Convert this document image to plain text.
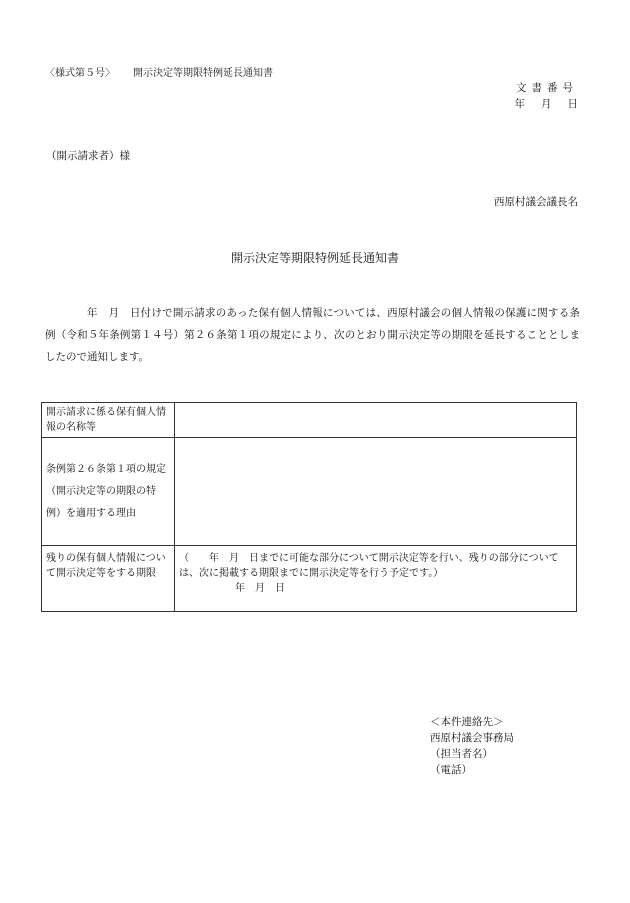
〈様式第５号〉 開示決定等期限特例延長通知書
文書番号
年 月 日
（開示請求者）様
西原村議会議長名
開示決定等期限特例延長通知書
年　月　日付けで開示請求のあった保有個人情報については、西原村議会の個人情報の保護に関する条例（令和５年条例第１４号）第２６条第１項の規定により、次のとおり開示決定等の期限を延長することとしましたので通知します。
開示請求に係る保有個人情報の名称等	
条例第２６条第１項の規定（開示決定等の期限の特例）を適用する理由	
残りの保有個人情報について開示決定等をする期限	（　　年　月　日までに可能な部分について開示決定等を行い、残りの部分については、次に掲載する期限までに開示決定等を行う予定です。）
年　月　日
＜本件連絡先＞
西原村議会事務局
（担当者名）
（電話）
